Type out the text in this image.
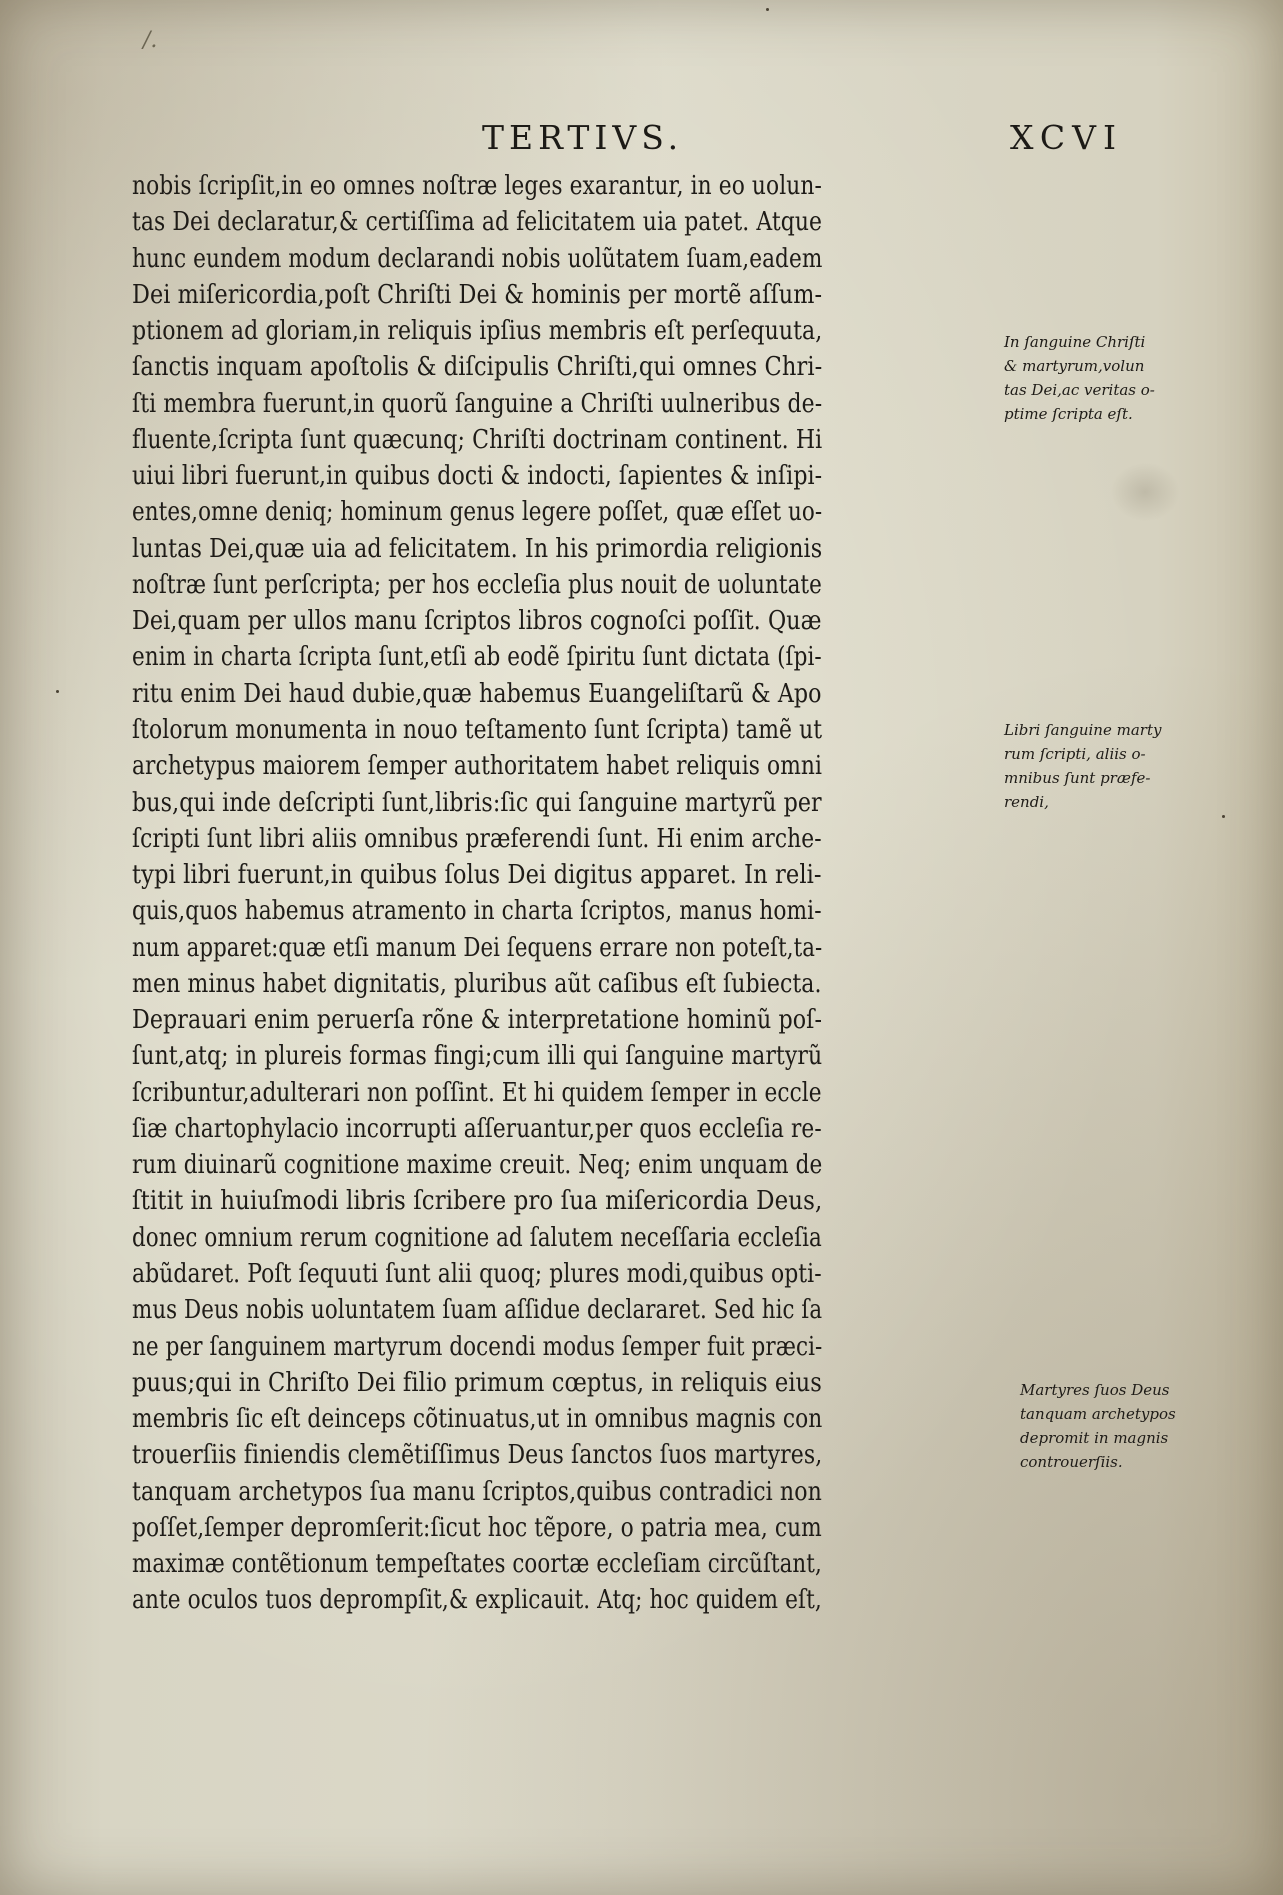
/.
TERTIVS.	XCVI
nobis ſcripſit,in eo omnes noſtræ leges exarantur, in eo uolun-
tas Dei declaratur,& certiſſima ad felicitatem uia patet. Atque
hunc eundem modum declarandi nobis uolũtatem ſuam,eadem
Dei miſericordia,poſt Chriſti Dei & hominis per mortẽ aſſum-
ptionem ad gloriam,in reliquis ipſius membris eſt perſequuta,
ſanctis inquam apoſtolis & diſcipulis Chriſti,qui omnes Chri-
ſti membra fuerunt,in quorũ ſanguine a Chriſti uulneribus de-
fluente,ſcripta ſunt quæcunq; Chriſti doctrinam continent. Hi
uiui libri fuerunt,in quibus docti & indocti, ſapientes & inſipi-
entes,omne deniq; hominum genus legere poſſet, quæ eſſet uo-
luntas Dei,quæ uia ad felicitatem. In his primordia religionis
noſtræ ſunt perſcripta; per hos eccleſia plus nouit de uoluntate
Dei,quam per ullos manu ſcriptos libros cognoſci poſſit. Quæ
enim in charta ſcripta ſunt,etſi ab eodẽ ſpiritu ſunt dictata (ſpi-
ritu enim Dei haud dubie,quæ habemus Euangeliſtarũ & Apo
ſtolorum monumenta in nouo teſtamento ſunt ſcripta) tamẽ ut
archetypus maiorem ſemper authoritatem habet reliquis omni
bus,qui inde deſcripti ſunt,libris:ſic qui ſanguine martyrũ per
ſcripti ſunt libri aliis omnibus præferendi ſunt. Hi enim arche-
typi libri fuerunt,in quibus ſolus Dei digitus apparet. In reli-
quis,quos habemus atramento in charta ſcriptos, manus homi-
num apparet:quæ etſi manum Dei ſequens errare non poteſt,ta-
men minus habet dignitatis, pluribus aũt caſibus eſt ſubiecta.
Deprauari enim peruerſa rõne & interpretatione hominũ poſ-
ſunt,atq; in plureis formas fingi;cum illi qui ſanguine martyrũ
ſcribuntur,adulterari non poſſint. Et hi quidem ſemper in eccle
ſiæ chartophylacio incorrupti aſſeruantur,per quos eccleſia re-
rum diuinarũ cognitione maxime creuit. Neq; enim unquam de
ſtitit in huiuſmodi libris ſcribere pro ſua miſericordia Deus,
donec omnium rerum cognitione ad ſalutem neceſſaria eccleſia
abũdaret. Poſt ſequuti ſunt alii quoq; plures modi,quibus opti-
mus Deus nobis uoluntatem ſuam aſſidue declararet. Sed hic ſa
ne per ſanguinem martyrum docendi modus ſemper fuit præci-
puus;qui in Chriſto Dei filio primum cœptus, in reliquis eius
membris ſic eſt deinceps cõtinuatus,ut in omnibus magnis con
trouerſiis finiendis clemẽtiſſimus Deus ſanctos ſuos martyres,
tanquam archetypos ſua manu ſcriptos,quibus contradici non
poſſet,ſemper depromſerit:ſicut hoc tẽpore, o patria mea, cum
maximæ contẽtionum tempeſtates coortæ eccleſiam circũſtant,
ante oculos tuos deprompſit,& explicauit. Atq; hoc quidem eſt,
In ſanguine Chriſti
& martyrum,volun
tas Dei,ac veritas o-
ptime ſcripta eſt.
Libri ſanguine marty
rum ſcripti, aliis o-
mnibus ſunt præfe-
rendi,
Martyres ſuos Deus
tanquam archetypos
depromit in magnis
controuerſiis.
